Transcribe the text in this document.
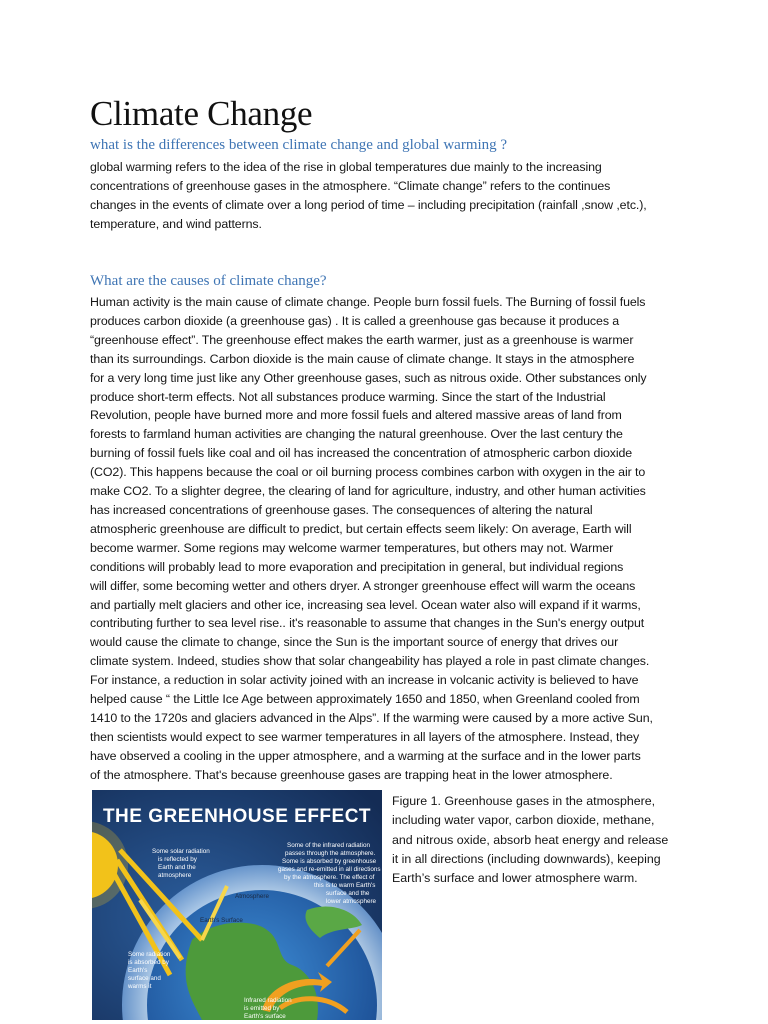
Climate Change
what is the differences between climate change and global warming ?
global warming refers to the idea of the rise in global temperatures due mainly to the increasing
concentrations of greenhouse gases in the atmosphere. “Climate change” refers to the continues
changes in the events of climate over a long period of time – including precipitation (rainfall ,snow ,etc.),
temperature, and wind patterns.
What are the causes of climate change?
Human activity is the main cause of climate change. People burn fossil fuels. The Burning of fossil fuels
produces carbon dioxide (a greenhouse gas) . It is called a greenhouse gas because it produces a
“greenhouse effect”. The greenhouse effect makes the earth warmer, just as a greenhouse is warmer
than its surroundings. Carbon dioxide is the main cause of climate change. It stays in the atmosphere
for a very long time just like any Other greenhouse gases, such as nitrous oxide. Other substances only
produce short-term effects. Not all substances produce warming. Since the start of the Industrial
Revolution, people have burned more and more fossil fuels and altered massive areas of land from
forests to farmland human activities are changing the natural greenhouse. Over the last century the
burning of fossil fuels like coal and oil has increased the concentration of atmospheric carbon dioxide
(CO2). This happens because the coal or oil burning process combines carbon with oxygen in the air to
make CO2. To a slighter degree, the clearing of land for agriculture, industry, and other human activities
has increased concentrations of greenhouse gases. The consequences of altering the natural
atmospheric greenhouse are difficult to predict, but certain effects seem likely: On average, Earth will
become warmer. Some regions may welcome warmer temperatures, but others may not. Warmer
conditions will probably lead to more evaporation and precipitation in general, but individual regions
will differ, some becoming wetter and others dryer. A stronger greenhouse effect will warm the oceans
and partially melt glaciers and other ice, increasing sea level. Ocean water also will expand if it warms,
contributing further to sea level rise.. it's reasonable to assume that changes in the Sun's energy output
would cause the climate to change, since the Sun is the important source of energy that drives our
climate system. Indeed, studies show that solar changeability has played a role in past climate changes.
For instance, a reduction in solar activity joined with an increase in volcanic activity is believed to have
helped cause “ the Little Ice Age between approximately 1650 and 1850, when Greenland cooled from
1410 to the 1720s and glaciers advanced in the Alps”. If the warming were caused by a more active Sun,
then scientists would expect to see warmer temperatures in all layers of the atmosphere. Instead, they
have observed a cooling in the upper atmosphere, and a warming at the surface and in the lower parts
of the atmosphere. That's because greenhouse gases are trapping heat in the lower atmosphere.
THE GREENHOUSE EFFECT
Some solar radiation
is reflected by
Earth and the
atmosphere
Some of the infrared radiation
passes through the atmosphere.
Some is absorbed by greenhouse
gases and re-emitted in all directions
by the atmosphere. The effect of
this is to warm Earth's
surface and the
lower atmosphere
Atmosphere
Earth's Surface
Some radiation
is absorbed by
Earth's
surface and
warms it
Infrared radiation
is emitted by
Earth's surface
Figure 1. Greenhouse gases in the atmosphere,
including water vapor, carbon dioxide, methane,
and nitrous oxide, absorb heat energy and release
it in all directions (including downwards), keeping
Earth’s surface and lower atmosphere warm.
